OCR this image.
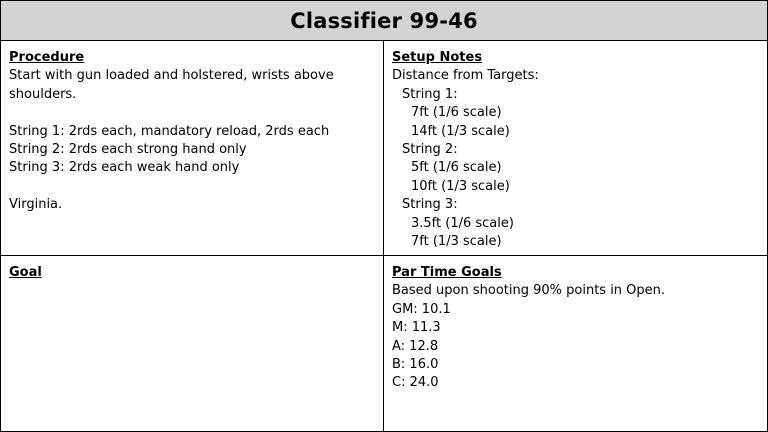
Classifier 99-46
Procedure
Start with gun loaded and holstered, wrists above shoulders.
String 1: 2rds each, mandatory reload, 2rds each
String 2: 2rds each strong hand only
String 3: 2rds each weak hand only
Virginia.
Setup Notes
Distance from Targets:
String 1:
7ft (1/6 scale)
14ft (1/3 scale)
String 2:
5ft (1/6 scale)
10ft (1/3 scale)
String 3:
3.5ft (1/6 scale)
7ft (1/3 scale)
Goal	Par Time Goals
Based upon shooting 90% points in Open.
GM: 10.1
M: 11.3
A: 12.8
B: 16.0
C: 24.0
